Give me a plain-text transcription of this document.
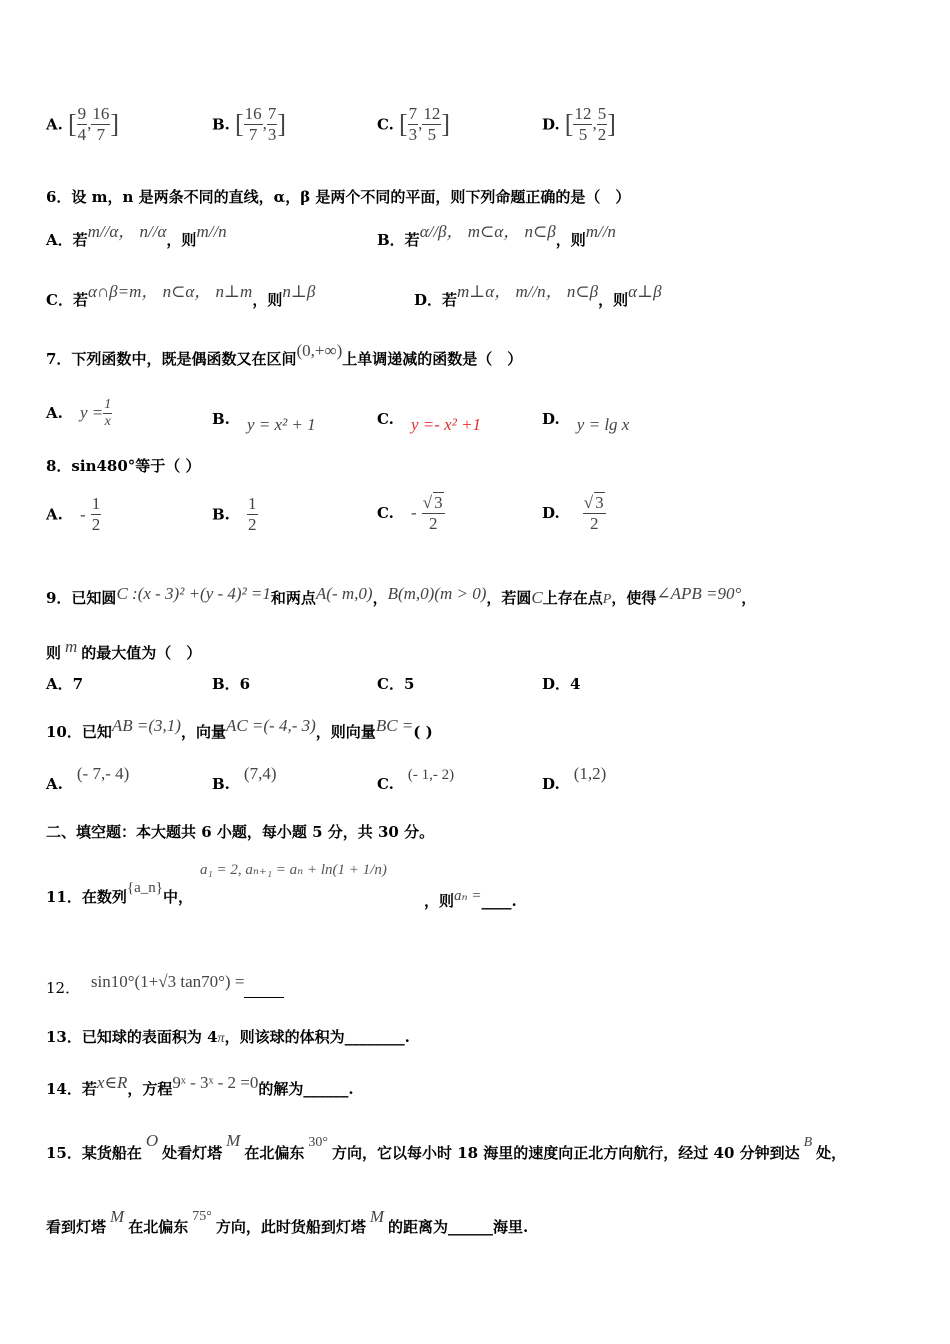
A. [ $\frac{9}{4}$ , $\frac{16}{7}$ ]	B. [ $\frac{16}{7}$ , $\frac{7}{3}$ ]	C. [ $\frac{7}{3}$ , $\frac{12}{5}$ ]	D. [ $\frac{12}{5}$ , $\frac{5}{2}$ ]
6．设 m，n 是两条不同的直线，α，β 是两个不同的平面，则下列命题正确的是（　）
A．若m//α， n//α，则m//n	B．若α//β， m⊂α， n⊂β，则m//n
C．若α∩β=m， n⊂α， n⊥m，则n⊥β	D．若m⊥α， m//n， n⊂β，则α⊥β
7．下列函数中，既是偶函数又在区间(0,+∞)上单调递减的函数是（　）
A. $y = \frac{1}{x}$	B. y = x² + 1	C. y =- x² +1	D. y = lg x
8．sin480°等于（ ）
A. - $\frac{1}{2}$	B. $\frac{1}{2}$	C. - $\frac{√ 3}{2}$	D. $\frac{√ 3}{2}$
9．已知圆C :(x - 3)² +(y - 4)² =1和两点A(- m,0)，B(m,0)(m > 0)，若圆C上存在点P，使得∠APB =90°，
则 m 的最大值为（　）
A．7	B．6	C．5	D．4
10．已知AB =(3,1)，向量AC =(- 4,- 3)，则向量BC =( )
A.(- 7,- 4)
B.(7,4)
C. (- 1,- 2)	D.(1,2)
二、填空题：本大题共 6 小题，每小题 5 分，共 30 分。
11．在数列{a_n}中，
a₁ = 2, aₙ₊₁ = aₙ + ln(1 + 1/n)
，则aₙ =____.
12． sin10°(1+√3 tan70°) =
13．已知球的表面积为 4π，则该球的体积为________.
14．若x∈R，方程9ˣ - 3ˣ - 2 =0的解为______.
15．某货船在O处看灯塔M在北偏东30°方向，它以每小时 18 海里的速度向正北方向航行，经过 40 分钟到达B处，
看到灯塔M在北偏东75°方向，此时货船到灯塔M的距离为______海里.
